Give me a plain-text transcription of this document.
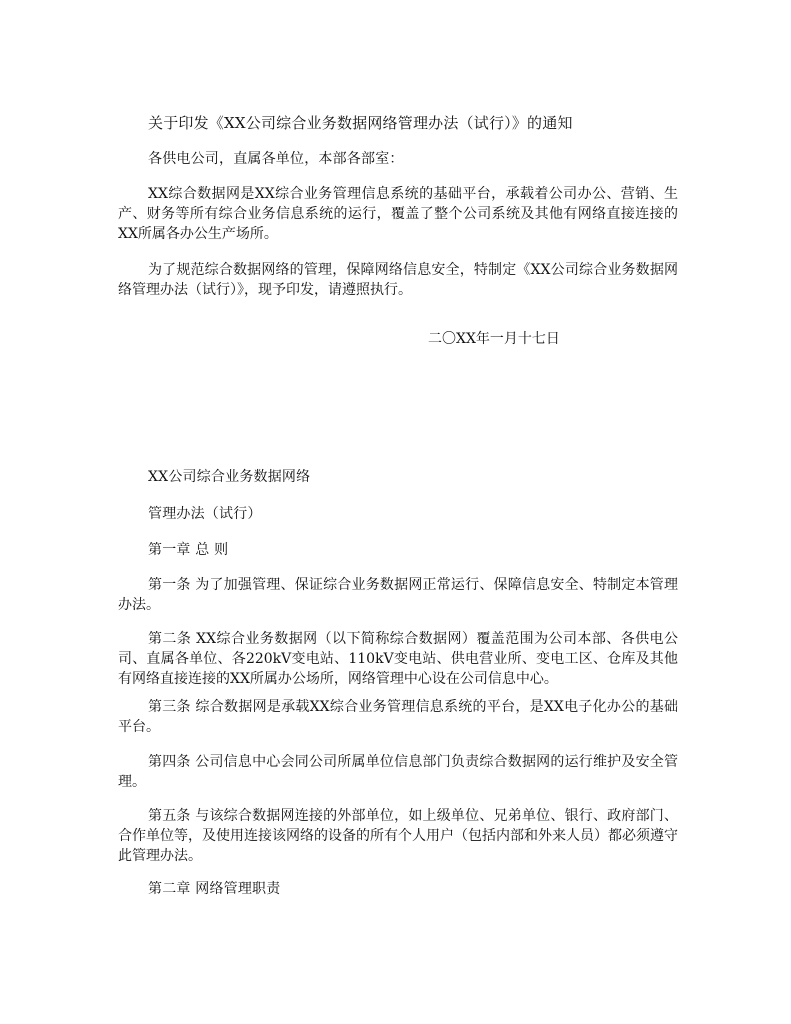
关于印发《XX公司综合业务数据网络管理办法（试行）》的通知
各供电公司，直属各单位，本部各部室：
XX综合数据网是XX综合业务管理信息系统的基础平台，承载着公司办公、营销、生产、财务等所有综合业务信息系统的运行，覆盖了整个公司系统及其他有网络直接连接的XX所属各办公生产场所。
为了规范综合数据网络的管理，保障网络信息安全，特制定《XX公司综合业务数据网络管理办法（试行）》，现予印发，请遵照执行。
二〇XX年一月十七日
XX公司综合业务数据网络
管理办法（试行）
第一章 总 则
第一条 为了加强管理、保证综合业务数据网正常运行、保障信息安全、特制定本管理办法。
第二条 XX综合业务数据网（以下简称综合数据网）覆盖范围为公司本部、各供电公司、直属各单位、各220kV变电站、110kV变电站、供电营业所、变电工区、仓库及其他有网络直接连接的XX所属办公场所，网络管理中心设在公司信息中心。
第三条 综合数据网是承载XX综合业务管理信息系统的平台，是XX电子化办公的基础平台。
第四条 公司信息中心会同公司所属单位信息部门负责综合数据网的运行维护及安全管理。
第五条 与该综合数据网连接的外部单位，如上级单位、兄弟单位、银行、政府部门、合作单位等，及使用连接该网络的设备的所有个人用户（包括内部和外来人员）都必须遵守此管理办法。
第二章 网络管理职责
